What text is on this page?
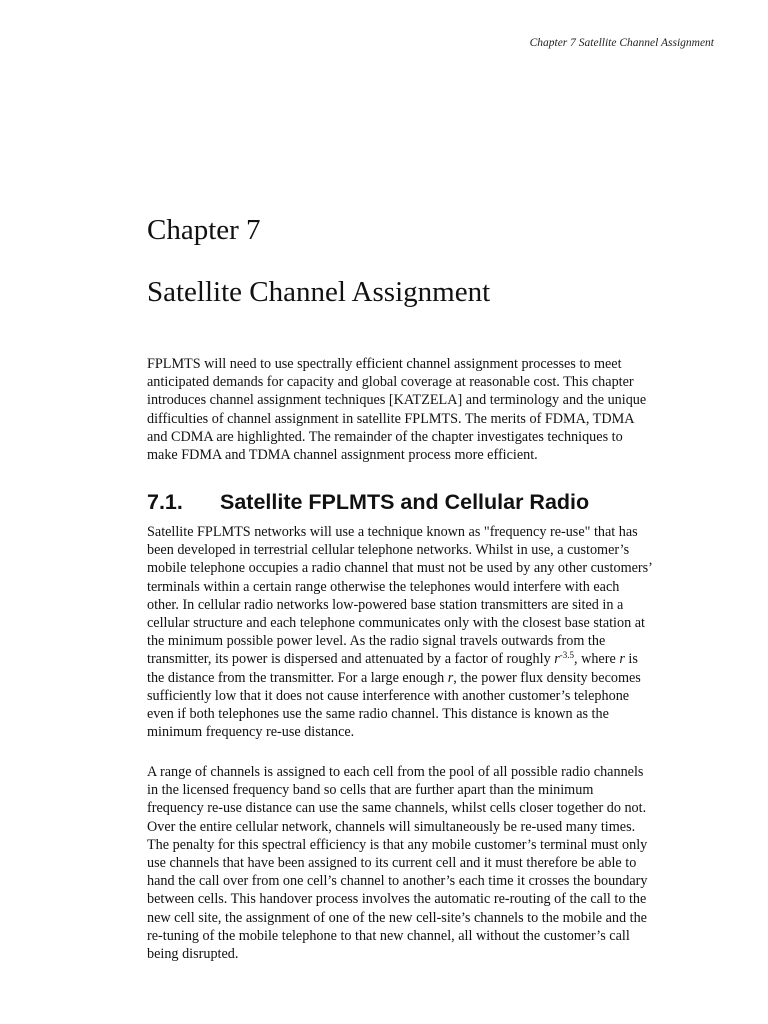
Chapter 7 Satellite Channel Assignment
Chapter 7
Satellite Channel Assignment
FPLMTS will need to use spectrally efficient channel assignment processes to meet
anticipated demands for capacity and global coverage at reasonable cost. This chapter
introduces channel assignment techniques [KATZELA] and terminology and the unique
difficulties of channel assignment in satellite FPLMTS. The merits of FDMA, TDMA
and CDMA are highlighted. The remainder of the chapter investigates techniques to
make FDMA and TDMA channel assignment process more efficient.
7.1. Satellite FPLMTS and Cellular Radio
Satellite FPLMTS networks will use a technique known as "frequency re-use" that has
been developed in terrestrial cellular telephone networks. Whilst in use, a customer’s
mobile telephone occupies a radio channel that must not be used by any other customers’
terminals within a certain range otherwise the telephones would interfere with each
other. In cellular radio networks low-powered base station transmitters are sited in a
cellular structure and each telephone communicates only with the closest base station at
the minimum possible power level. As the radio signal travels outwards from the
transmitter, its power is dispersed and attenuated by a factor of roughly $r^{-3.5}$, where r is
the distance from the transmitter. For a large enough r, the power flux density becomes
sufficiently low that it does not cause interference with another customer’s telephone
even if both telephones use the same radio channel. This distance is known as the
minimum frequency re-use distance.
A range of channels is assigned to each cell from the pool of all possible radio channels
in the licensed frequency band so cells that are further apart than the minimum
frequency re-use distance can use the same channels, whilst cells closer together do not.
Over the entire cellular network, channels will simultaneously be re-used many times.
The penalty for this spectral efficiency is that any mobile customer’s terminal must only
use channels that have been assigned to its current cell and it must therefore be able to
hand the call over from one cell’s channel to another’s each time it crosses the boundary
between cells. This handover process involves the automatic re-routing of the call to the
new cell site, the assignment of one of the new cell-site’s channels to the mobile and the
re-tuning of the mobile telephone to that new channel, all without the customer’s call
being disrupted.
